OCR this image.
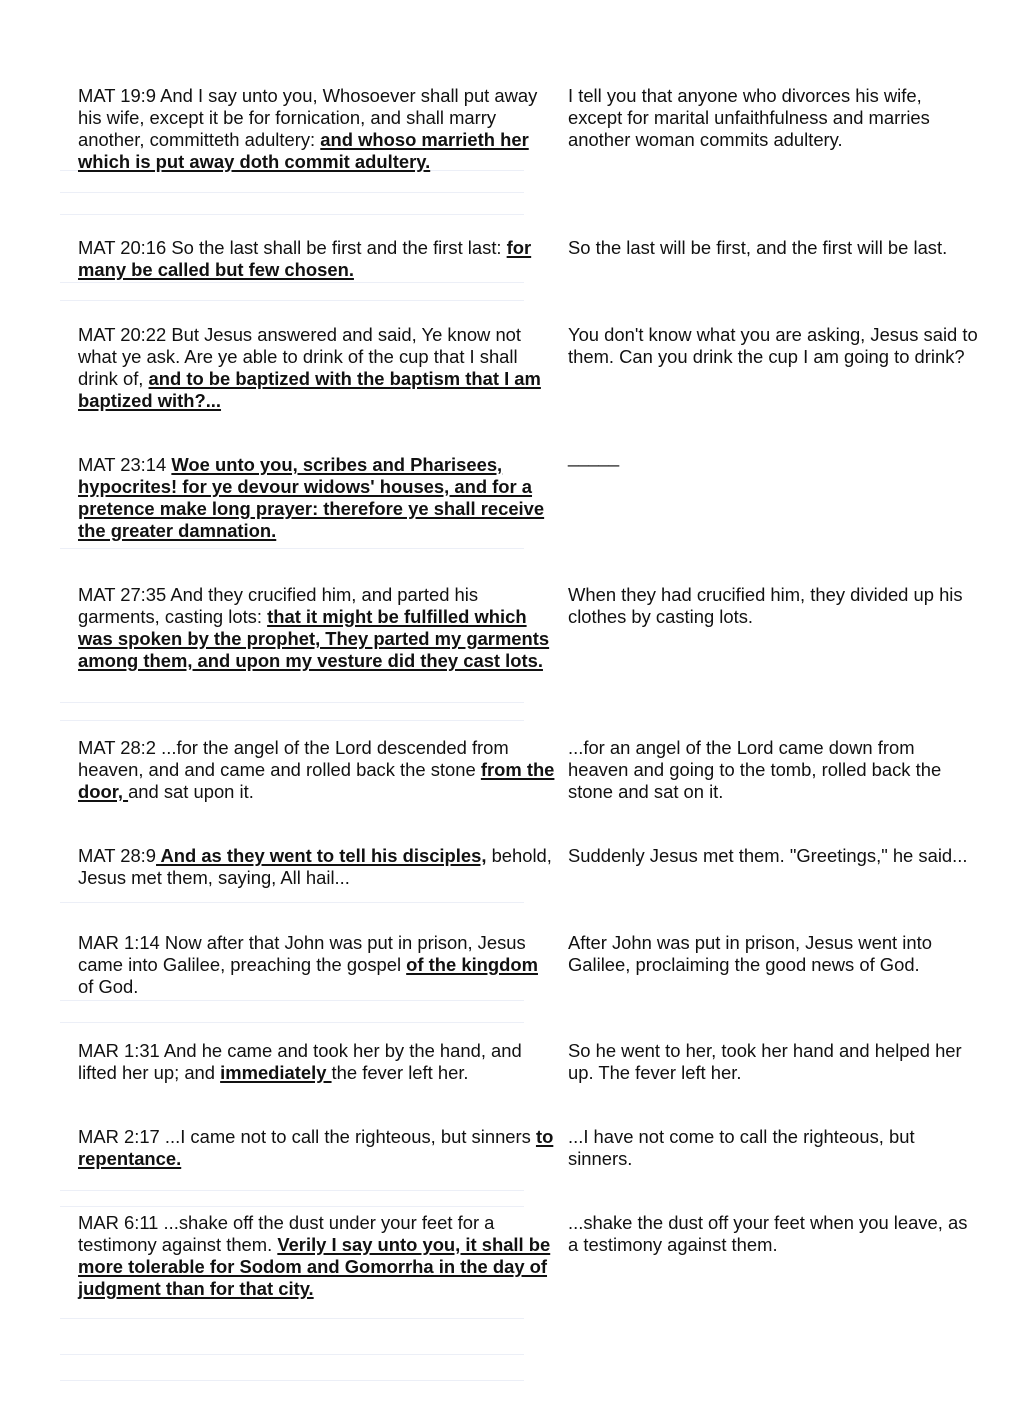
MAT 19:9 And I say unto you, Whosoever shall put away his wife, except it be for fornication, and shall marry another, committeth adultery: and whoso marrieth her which is put away doth commit adultery.
I tell you that anyone who divorces his wife, except for marital unfaithfulness and marries another woman commits adultery.
MAT 20:16 So the last shall be first and the first last: for many be called but few chosen.
So the last will be first, and the first will be last.
MAT 20:22 But Jesus answered and said, Ye know not what ye ask. Are ye able to drink of the cup that I shall drink of, and to be baptized with the baptism that I am baptized with?...
You don't know what you are asking, Jesus said to them. Can you drink the cup I am going to drink?
MAT 23:14 Woe unto you, scribes and Pharisees, hypocrites! for ye devour widows' houses, and for a pretence make long prayer: therefore ye shall receive the greater damnation.
_____
MAT 27:35 And they crucified him, and parted his garments, casting lots: that it might be fulfilled which was spoken by the prophet, They parted my garments among them, and upon my vesture did they cast lots.
When they had crucified him, they divided up his clothes by casting lots.
MAT 28:2 ...for the angel of the Lord descended from heaven, and and came and rolled back the stone from the door, and sat upon it.
...for an angel of the Lord came down from heaven and going to the tomb, rolled back the stone and sat on it.
MAT 28:9 And as they went to tell his disciples, behold, Jesus met them, saying, All hail...
Suddenly Jesus met them. "Greetings," he said...
MAR 1:14 Now after that John was put in prison, Jesus came into Galilee, preaching the gospel of the kingdom of God.
After John was put in prison, Jesus went into Galilee, proclaiming the good news of God.
MAR 1:31 And he came and took her by the hand, and lifted her up; and immediately the fever left her.
So he went to her, took her hand and helped her up. The fever left her.
MAR 2:17 ...I came not to call the righteous, but sinners to repentance.
...I have not come to call the righteous, but sinners.
MAR 6:11 ...shake off the dust under your feet for a testimony against them. Verily I say unto you, it shall be more tolerable for Sodom and Gomorrha in the day of judgment than for that city.
...shake the dust off your feet when you leave, as a testimony against them.
